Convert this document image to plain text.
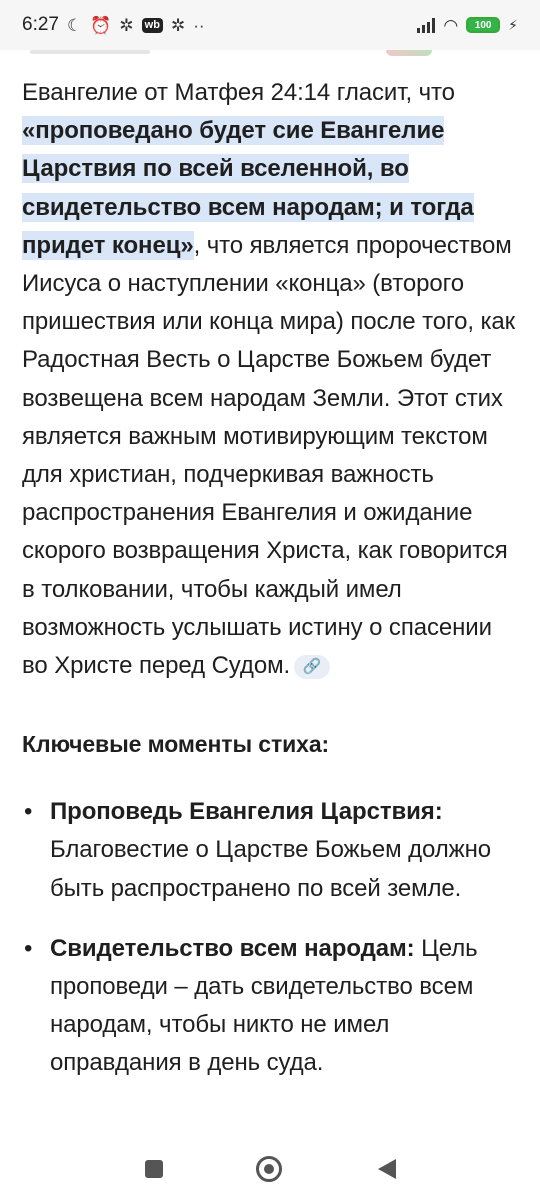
6:27 ☾ ⏰ ✲ wb ✲ ··	◠ 100 ⚡

Евангелие от Матфея 24:14 гласит, что «проповедано будет сие Евангелие Царствия по всей вселенной, во свидетельство всем народам; и тогда придет конец», что является пророчеством Иисуса о наступлении «конца» (второго пришествия или конца мира) после того, как Радостная Весть о Царстве Божьем будет возвещена всем народам Земли. Этот стих является важным мотивирующим текстом для христиан, подчеркивая важность распространения Евангелия и ожидание скорого возвращения Христа, как говорится в толковании, чтобы каждый имел возможность услышать истину о спасении во Христе перед Судом. 🔗

Ключевые моменты стиха:
• Проповедь Евангелия Царствия: Благовестие о Царстве Божьем должно быть распространено по всей земле.
• Свидетельство всем народам: Цель проповеди – дать свидетельство всем народам, чтобы никто не имел оправдания в день суда.
